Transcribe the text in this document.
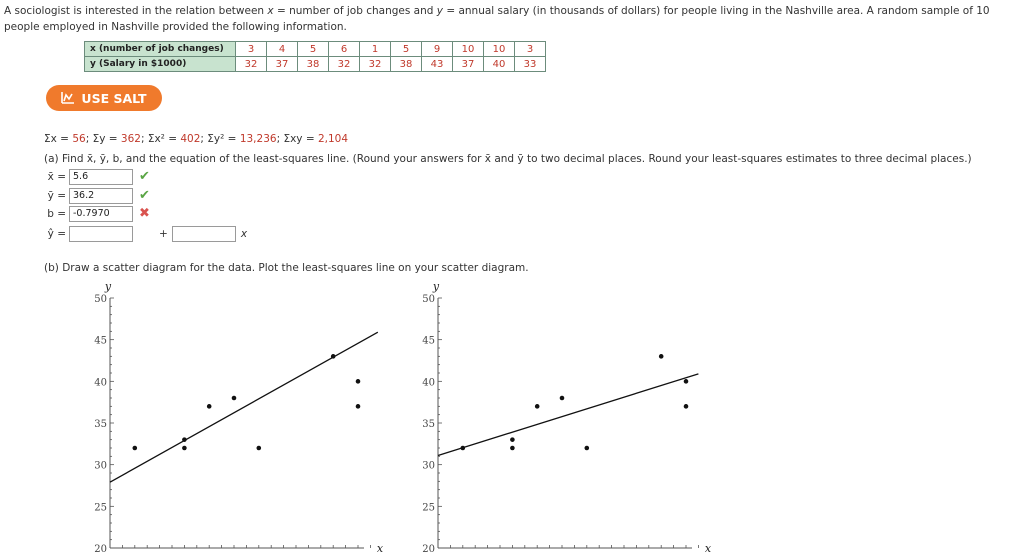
A sociologist is interested in the relation between x = number of job changes and y = annual salary (in thousands of dollars) for people living in the Nashville area. A random sample of 10 people employed in Nashville provided the following information.
x (number of job changes)	3	4	5	6	1	5	9	10	10	3
y (Salary in $1000)	32	37	38	32	32	38	43	37	40	33
USE SALT
Σx = 56; Σy = 362; Σx² = 402; Σy² = 13,236; Σxy = 2,104
(a) Find x̄, ȳ, b, and the equation of the least-squares line. (Round your answers for x̄ and ȳ to two decimal places. Round your least-squares estimates to three decimal places.)
x̄ = 5.6	✔
ȳ = 36.2	✔
b = -0.7970	✖
ŷ =	+	x
(b) Draw a scatter diagram for the data. Plot the least-squares line on your scatter diagram.
20
25
30
35
40
45
50
y
x	20
25
30
35
40
45
50
y
x
